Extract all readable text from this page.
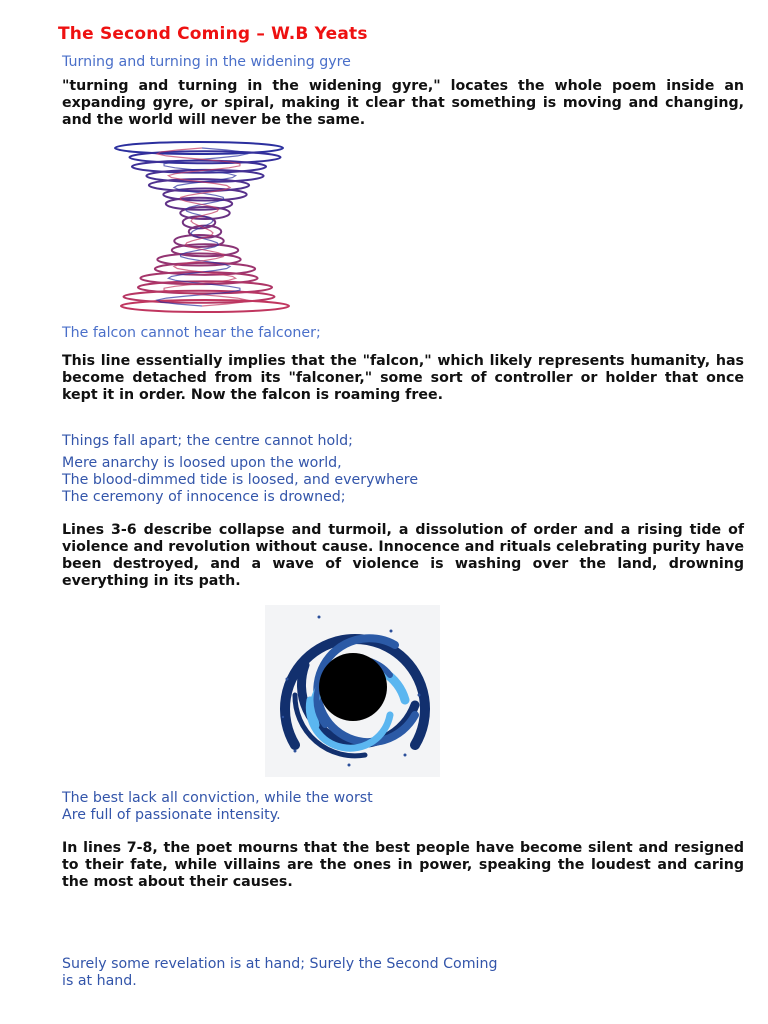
The Second Coming – W.B Yeats
Turning and turning in the widening gyre

"turning and turning in the widening gyre," locates the whole poem inside an expanding gyre, or spiral, making it clear that something is moving and changing, and the world will never be the same.

The falcon cannot hear the falconer;

This line essentially implies that the "falcon," which likely represents humanity, has become detached from its "falconer," some sort of controller or holder that once kept it in order. Now the falcon is roaming free.

Things fall apart; the centre cannot hold;
Mere anarchy is loosed upon the world,
The blood-dimmed tide is loosed, and everywhere
The ceremony of innocence is drowned;

Lines 3-6 describe collapse and turmoil, a dissolution of order and a rising tide of violence and revolution without cause. Innocence and rituals celebrating purity have been destroyed, and a wave of violence is washing over the land, drowning everything in its path.

The best lack all conviction, while the worst
Are full of passionate intensity.

In lines 7-8, the poet mourns that the best people have become silent and resigned to their fate, while villains are the ones in power, speaking the loudest and caring the most about their causes.

Surely some revelation is at hand; Surely the Second Coming
is at hand.
